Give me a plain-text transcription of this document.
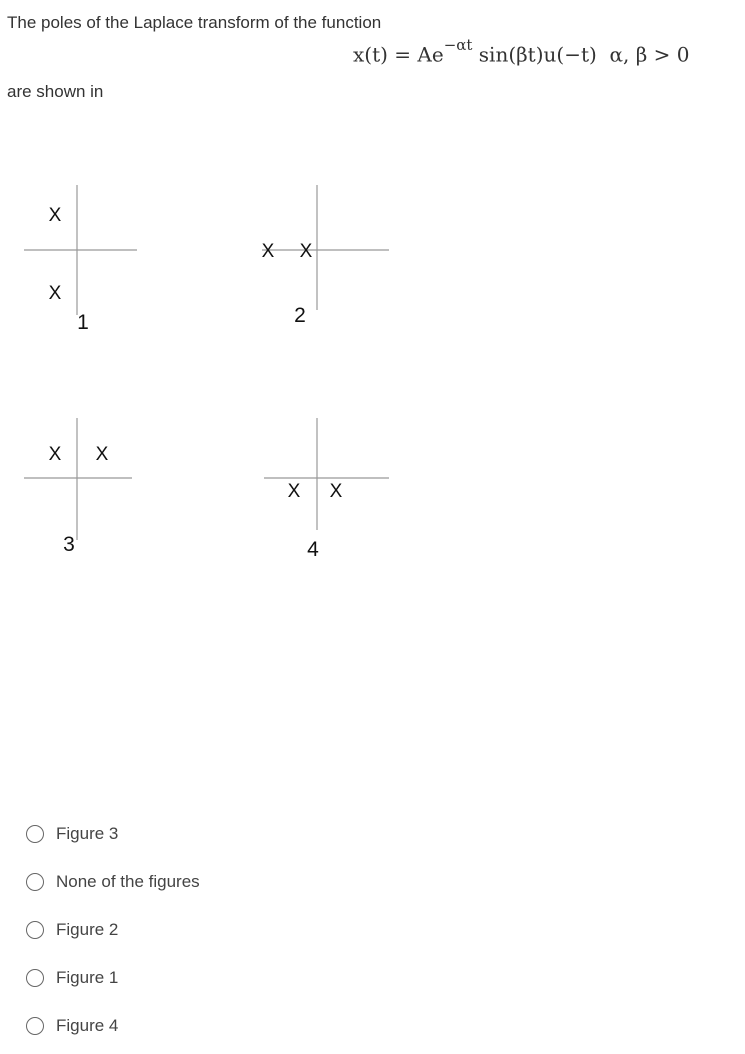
The poles of the Laplace transform of the function
$x(t) = Ae^{-\alpha t}$ sin(βt)u(−t) α, β > 0
are shown in
X
X
X X
X X
X X
1	2
3	4
Figure 3
None of the figures
Figure 2
Figure 1
Figure 4
